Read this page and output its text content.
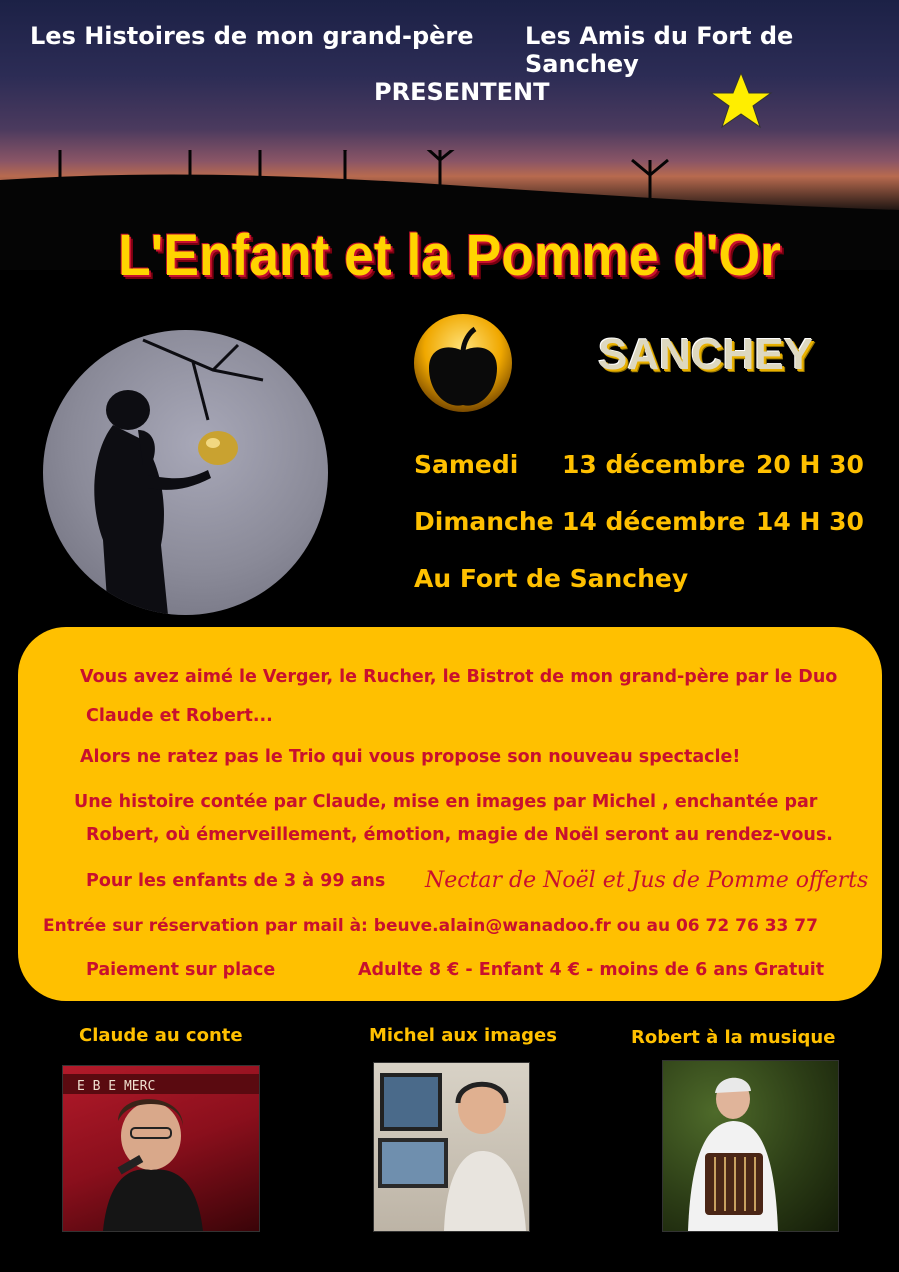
Les Histoires de mon grand-père Les Amis du Fort de Sanchey
PRESENTENT
L'Enfant et la Pomme d'Or
SANCHEY
Samedi 13 décembre 20 H 30
Dimanche 14 décembre 14 H 30
Au Fort de Sanchey
Vous avez aimé le Verger, le Rucher, le Bistrot de mon grand-père par le Duo
Claude et Robert...
Alors ne ratez pas le Trio qui vous propose son nouveau spectacle!
Une histoire contée par Claude, mise en images par Michel , enchantée par
Robert, où émerveillement, émotion, magie de Noël seront au rendez-vous.
Pour les enfants de 3 à 99 ans Nectar de Noël et Jus de Pomme offerts
Entrée sur réservation par mail à: beuve.alain@wanadoo.fr ou au 06 72 76 33 77
Paiement sur place	Adulte 8 € - Enfant 4 € - moins de 6 ans Gratuit
Claude au conte	Michel aux images	Robert à la musique
E B E MERC
